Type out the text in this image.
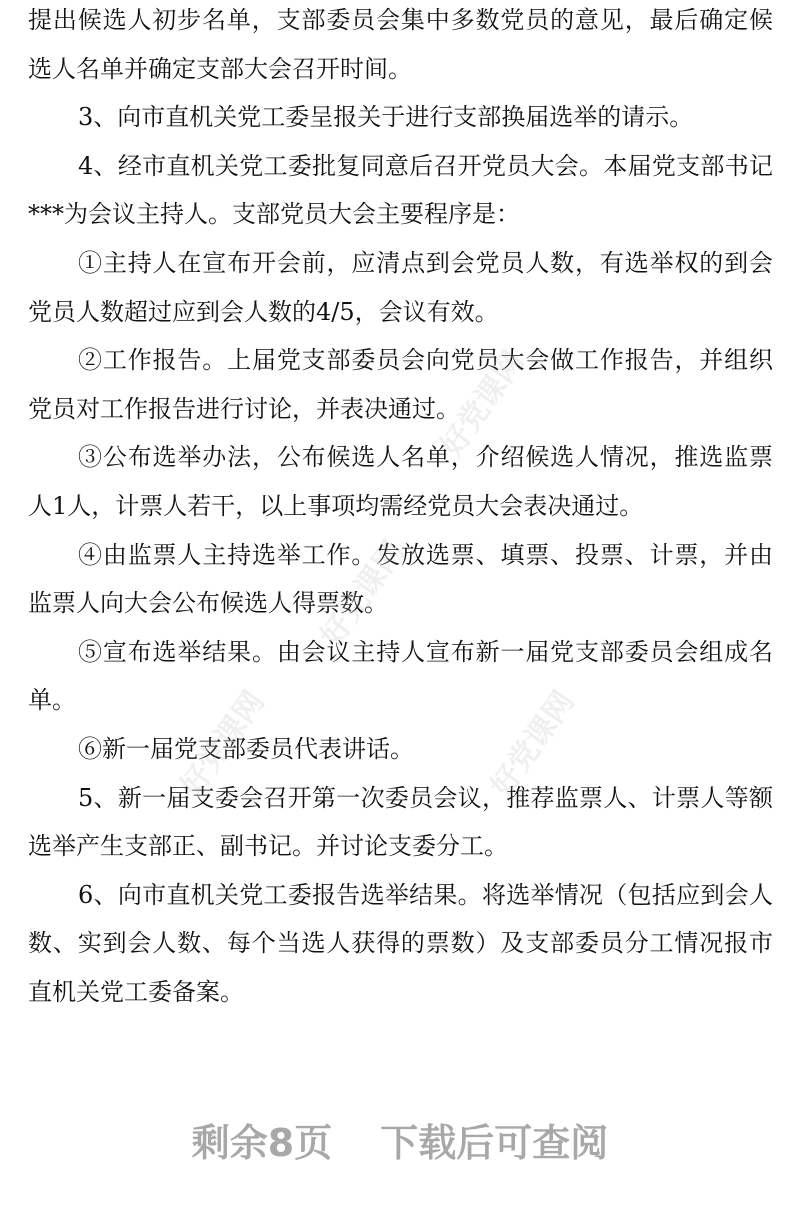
提出候选人初步名单，支部委员会集中多数党员的意见，最后确定候
选人名单并确定支部大会召开时间。
3、向市直机关党工委呈报关于进行支部换届选举的请示。
4、经市直机关党工委批复同意后召开党员大会。本届党支部书记
***为会议主持人。支部党员大会主要程序是：
①主持人在宣布开会前，应清点到会党员人数，有选举权的到会
党员人数超过应到会人数的4/5，会议有效。
②工作报告。上届党支部委员会向党员大会做工作报告，并组织
党员对工作报告进行讨论，并表决通过。
③公布选举办法，公布候选人名单，介绍候选人情况，推选监票
人1人，计票人若干，以上事项均需经党员大会表决通过。
④由监票人主持选举工作。发放选票、填票、投票、计票，并由
监票人向大会公布候选人得票数。
⑤宣布选举结果。由会议主持人宣布新一届党支部委员会组成名
单。
⑥新一届党支部委员代表讲话。
5、新一届支委会召开第一次委员会议，推荐监票人、计票人等额
选举产生支部正、副书记。并讨论支委分工。
6、向市直机关党工委报告选举结果。将选举情况（包括应到会人
数、实到会人数、每个当选人获得的票数）及支部委员分工情况报市
直机关党工委备案。
好党课网
好党课网
好党课网	好党课网
剩余8页 下载后可查阅
